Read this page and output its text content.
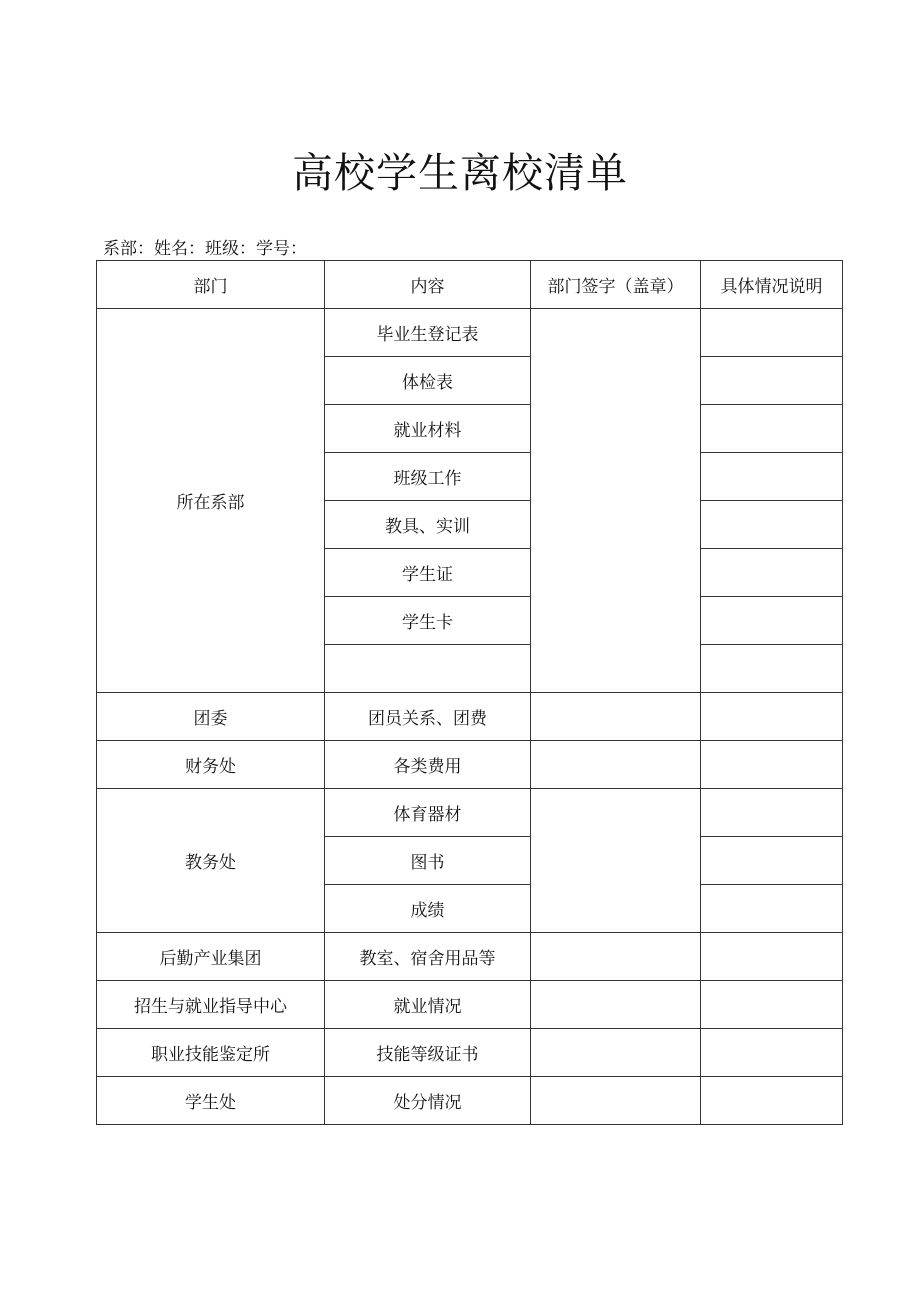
高校学生离校清单
系部：姓名：班级：学号：
部门	内容	部门签字（盖章）	具体情况说明
所在系部	毕业生登记表		
	体检表		
	就业材料		
	班级工作		
	教具、实训		
	学生证		
	学生卡		

团委	团员关系、团费		
财务处	各类费用		
教务处	体育器材		
	图书		
	成绩		
后勤产业集团	教室、宿舍用品等		
招生与就业指导中心	就业情况		
职业技能鉴定所	技能等级证书		
学生处	处分情况		
